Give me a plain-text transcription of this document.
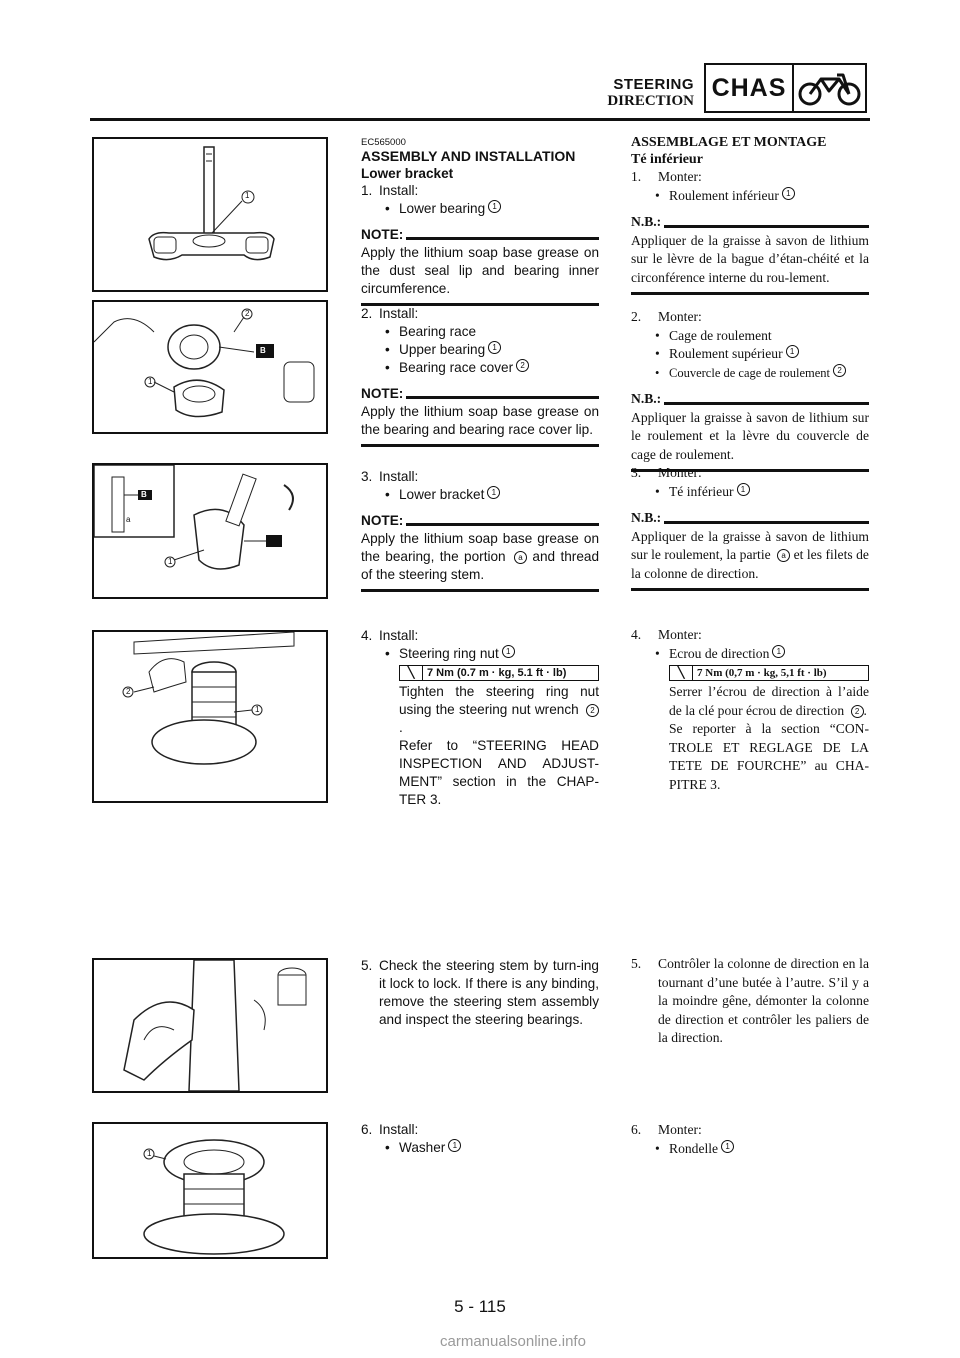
STEERING
DIRECTION CHAS
1
B
2
1
B
a
1
2
1
1
EC565000
ASSEMBLY AND INSTALLATION
Lower bracket
1. Install:
• Lower bearing 1
NOTE:
Apply the lithium soap base grease on the dust seal lip and bearing inner circumference.
2. Install:
• Bearing race
• Upper bearing 1
• Bearing race cover 2
NOTE:
Apply the lithium soap base grease on the bearing and bearing race cover lip.
3. Install:
• Lower bracket 1
NOTE:
Apply the lithium soap base grease on the bearing, the portion a and thread of the steering stem.
4. Install:
• Steering ring nut 1
╲	7 Nm (0.7 m · kg, 5.1 ft · lb)
Tighten the steering ring nut using the steering nut wrench 2.
Refer to “STEERING HEAD INSPECTION AND ADJUST-MENT” section in the CHAP-TER 3.
5. Check the steering stem by turn-ing it lock to lock. If there is any binding, remove the steering stem assembly and inspect the steering bearings.
6. Install:
• Washer 1
ASSEMBLAGE ET MONTAGE
Té inférieur
1.	Monter:
• Roulement inférieur 1
N.B.:
Appliquer de la graisse à savon de lithium sur le lèvre de la bague d’étan-chéité et la circonférence interne du rou-lement.
2.	Monter:
• Cage de roulement
• Roulement supérieur 1
• Couvercle de cage de roulement 2
N.B.:
Appliquer la graisse à savon de lithium sur le roulement et la lèvre du couvercle de cage de roulement.
3.	Monter:
• Té inférieur 1
N.B.:
Appliquer de la graisse à savon de lithium sur le roulement, la partie a et les filets de la colonne de direction.
4.	Monter:
• Ecrou de direction 1
╲	7 Nm (0,7 m · kg, 5,1 ft · lb)
Serrer l’écrou de direction à l’aide de la clé pour écrou de direction 2 .
Se reporter à la section “CON-TROLE ET REGLAGE DE LA TETE DE FOURCHE” au CHA-PITRE 3.
5.	Contrôler la colonne de direction en la tournant d’une butée à l’autre. S’il y a la moindre gêne, démonter la colonne de direction et contrôler les paliers de la direction.
6.	Monter:
• Rondelle 1
5 - 115
carmanualsonline.info
